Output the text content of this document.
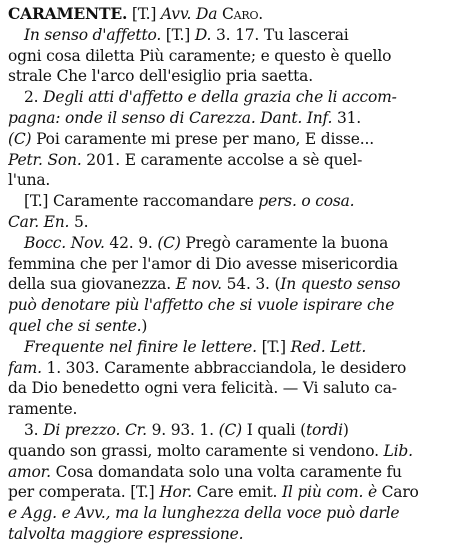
CARAMENTE. [T.] Avv. Da Caro.
In senso d'affetto. [T.] D. 3. 17. Tu lascerai
ogni cosa diletta Più caramente; e questo è quello
strale Che l'arco dell'esiglio pria saetta.
2. Degli atti d'affetto e della grazia che li accom-
pagna: onde il senso di Carezza. Dant. Inf. 31.
(C) Poi caramente mi prese per mano, E disse...
Petr. Son. 201. E caramente accolse a sè quel-
l'una.
[T.] Caramente raccomandare pers. o cosa.
Car. En. 5.
Bocc. Nov. 42. 9. (C) Pregò caramente la buona
femmina che per l'amor di Dio avesse misericordia
della sua giovanezza. E nov. 54. 3. (In questo senso
può denotare più l'affetto che si vuole ispirare che
quel che si sente.)
Frequente nel finire le lettere. [T.] Red. Lett.
fam. 1. 303. Caramente abbracciandola, le desidero
da Dio benedetto ogni vera felicità. — Vi saluto ca-
ramente.
3. Di prezzo. Cr. 9. 93. 1. (C) I quali (tordi)
quando son grassi, molto caramente si vendono. Lib.
amor. Cosa domandata solo una volta caramente fu
per comperata. [T.] Hor. Care emit. Il più com. è Caro
e Agg. e Avv., ma la lunghezza della voce può darle
talvolta maggiore espressione.
